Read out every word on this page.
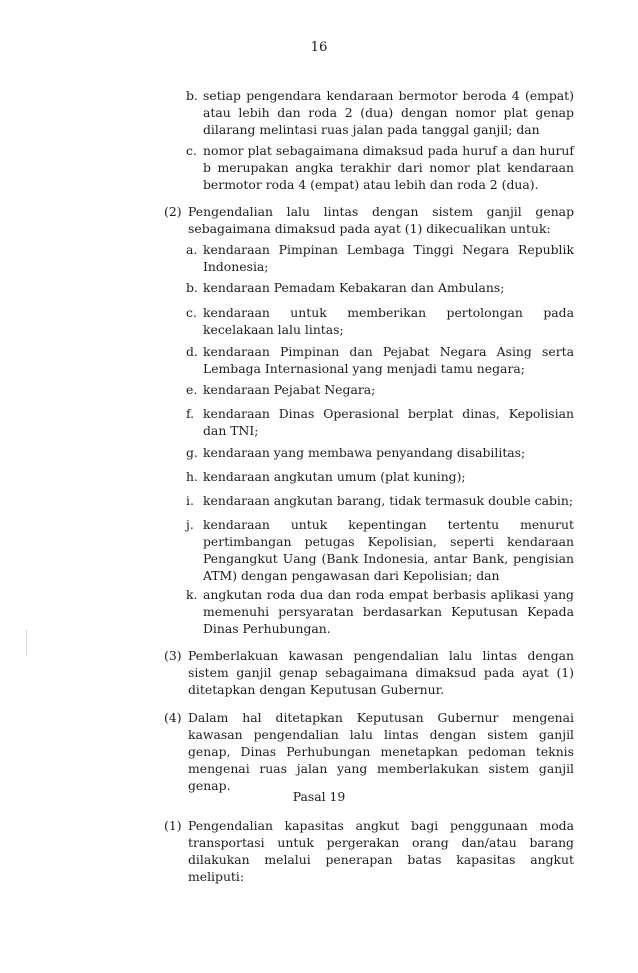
16
b. setiap pengendara kendaraan bermotor beroda 4 (empat) atau lebih dan roda 2 (dua) dengan nomor plat genap dilarang melintasi ruas jalan pada tanggal ganjil; dan
c. nomor plat sebagaimana dimaksud pada huruf a dan huruf b merupakan angka terakhir dari nomor plat kendaraan bermotor roda 4 (empat) atau lebih dan roda 2 (dua).
(2) Pengendalian lalu lintas dengan sistem ganjil genap sebagaimana dimaksud pada ayat (1) dikecualikan untuk:
a. kendaraan Pimpinan Lembaga Tinggi Negara Republik Indonesia;
b. kendaraan Pemadam Kebakaran dan Ambulans;
c. kendaraan untuk memberikan pertolongan pada kecelakaan lalu lintas;
d. kendaraan Pimpinan dan Pejabat Negara Asing serta Lembaga Internasional yang menjadi tamu negara;
e. kendaraan Pejabat Negara;
f. kendaraan Dinas Operasional berplat dinas, Kepolisian dan TNI;
g. kendaraan yang membawa penyandang disabilitas;
h. kendaraan angkutan umum (plat kuning);
i. kendaraan angkutan barang, tidak termasuk double cabin;
j. kendaraan untuk kepentingan tertentu menurut pertimbangan petugas Kepolisian, seperti kendaraan Pengangkut Uang (Bank Indonesia, antar Bank, pengisian ATM) dengan pengawasan dari Kepolisian; dan
k. angkutan roda dua dan roda empat berbasis aplikasi yang memenuhi persyaratan berdasarkan Keputusan Kepada Dinas Perhubungan.
(3) Pemberlakuan kawasan pengendalian lalu lintas dengan sistem ganjil genap sebagaimana dimaksud pada ayat (1) ditetapkan dengan Keputusan Gubernur.
(4) Dalam hal ditetapkan Keputusan Gubernur mengenai kawasan pengendalian lalu lintas dengan sistem ganjil genap, Dinas Perhubungan menetapkan pedoman teknis mengenai ruas jalan yang memberlakukan sistem ganjil genap.
Pasal 19
(1) Pengendalian kapasitas angkut bagi penggunaan moda transportasi untuk pergerakan orang dan/atau barang dilakukan melalui penerapan batas kapasitas angkut meliputi:
